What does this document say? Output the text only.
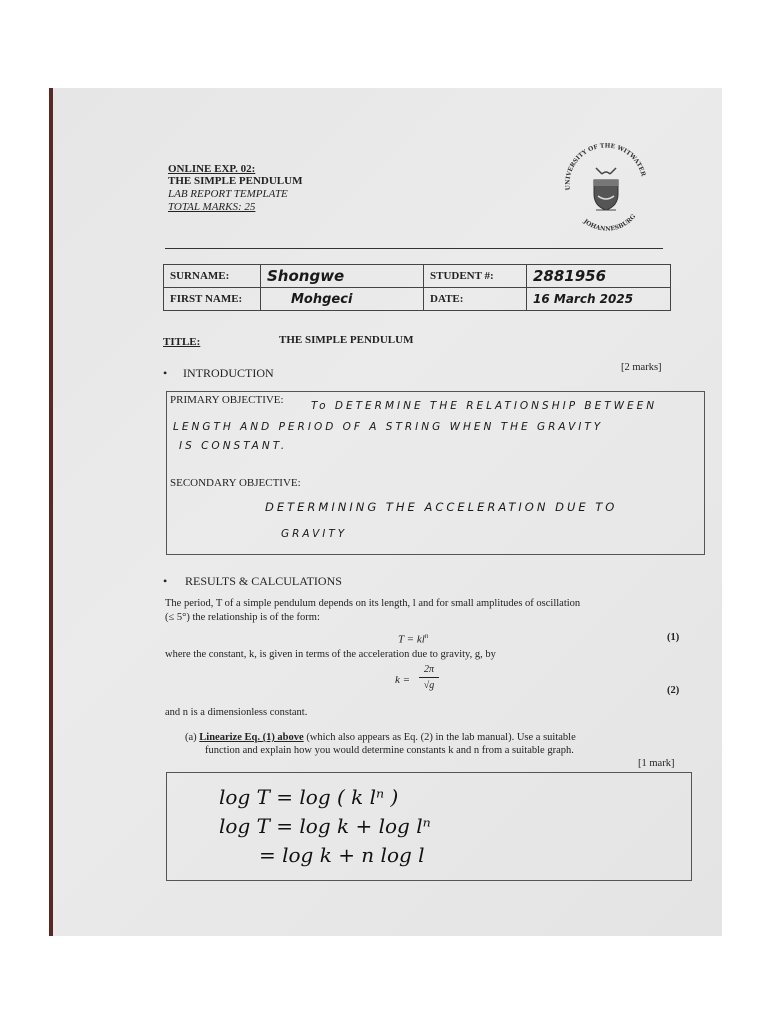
ONLINE EXP. 02:
THE SIMPLE PENDULUM
LAB REPORT TEMPLATE
TOTAL MARKS: 25
UNIVERSITY OF THE WITWATER
JOHANNESBURG
SURNAME:	Shongwe	STUDENT #:	2881956
FIRST NAME:	Mohgeci	DATE:	16 March 2025
TITLE:	THE SIMPLE PENDULUM
• INTRODUCTION	[2 marks]
PRIMARY OBJECTIVE:	To DETERMINE THE RELATIONSHIP BETWEEN
LENGTH AND PERIOD OF A STRING WHEN THE GRAVITY
IS CONSTANT.
SECONDARY OBJECTIVE:
DETERMINING THE ACCELERATION DUE TO
GRAVITY
• RESULTS & CALCULATIONS
The period, T of a simple pendulum depends on its length, l and for small amplitudes of oscillation
(≤ 5°) the relationship is of the form:
$T = kl^n$	(1)
where the constant, k, is given in terms of the acceleration due to gravity, g, by
k =
2π
√g	(2)
and n is a dimensionless constant.
(a) Linearize Eq. (1) above (which also appears as Eq. (2) in the lab manual). Use a suitable
function and explain how you would determine constants k and n from a suitable graph.
[1 mark]
log T = log ( k lⁿ )
log T = log k + log lⁿ
= log k + n log l
